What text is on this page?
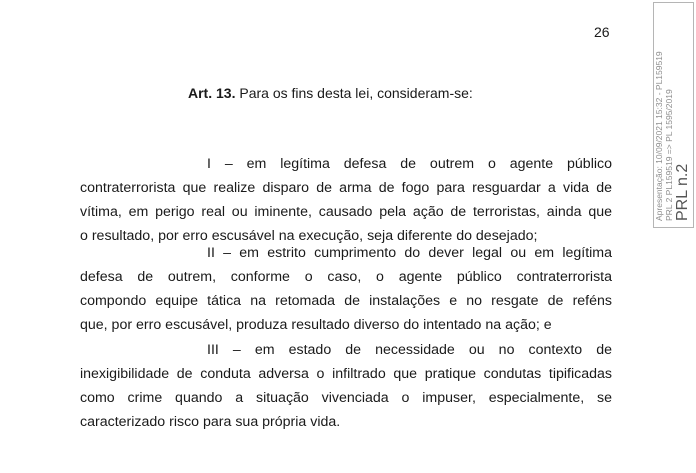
26
Art. 13. Para os fins desta lei, consideram-se:
I – em legítima defesa de outrem o agente público
contraterrorista que realize disparo de arma de fogo para resguardar a vida de
vítima, em perigo real ou iminente, causado pela ação de terroristas, ainda que
o resultado, por erro escusável na execução, seja diferente do desejado;
II – em estrito cumprimento do dever legal ou em legítima
defesa de outrem, conforme o caso, o agente público contraterrorista
compondo equipe tática na retomada de instalações e no resgate de reféns
que, por erro escusável, produza resultado diverso do intentado na ação; e
III – em estado de necessidade ou no contexto de
inexigibilidade de conduta adversa o infiltrado que pratique condutas tipificadas
como crime quando a situação vivenciada o impuser, especialmente, se
caracterizado risco para sua própria vida.
Apresentação: 10/09/2021 15:32 - PL159519 PRL 2 PL159519 => PL 1595/2019 PRL n.2
